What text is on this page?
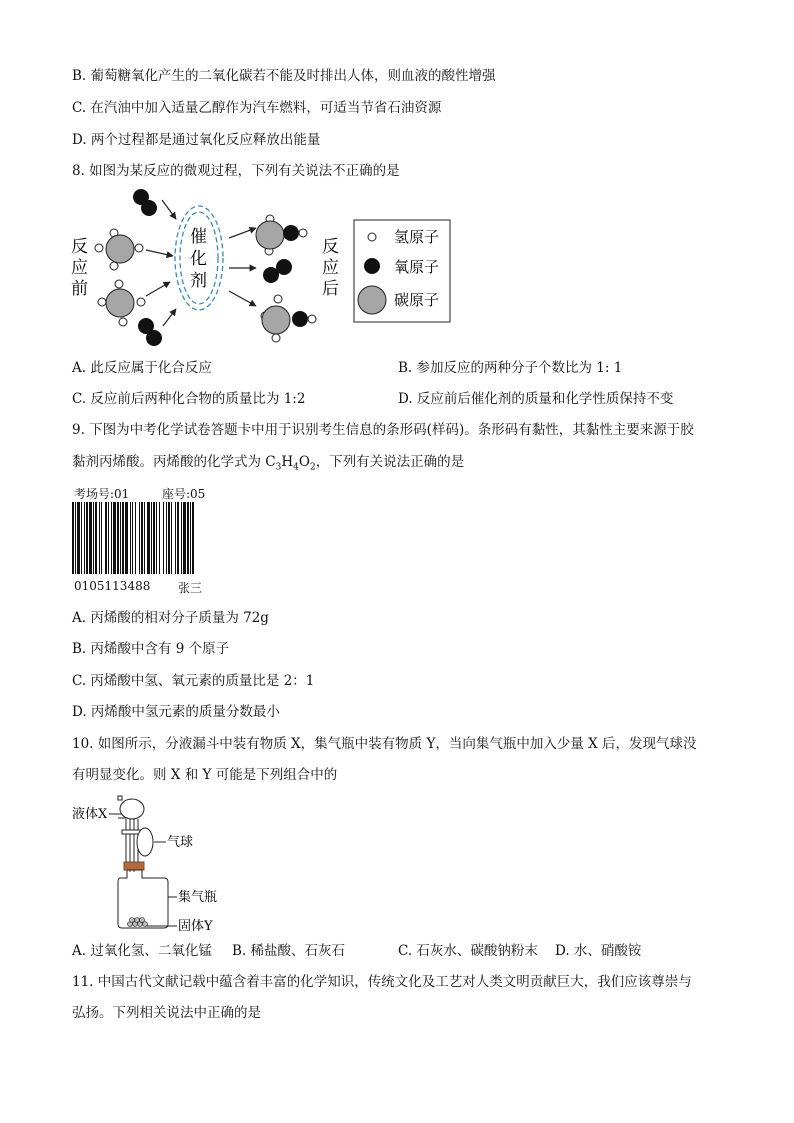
B. 葡萄糖氧化产生的二氧化碳若不能及时排出人体，则血液的酸性增强
C. 在汽油中加入适量乙醇作为汽车燃料，可适当节省石油资源
D. 两个过程都是通过氧化反应释放出能量
8. 如图为某反应的微观过程，下列有关说法不正确的是
反
应
前
催
化
剂
反
应
后
氢原子
氧原子
碳原子
A. 此反应属于化合反应	B. 参加反应的两种分子个数比为 1: 1
C. 反应前后两种化合物的质量比为 1:2	D. 反应前后催化剂的质量和化学性质保持不变
9. 下图为中考化学试卷答题卡中用于识别考生信息的条形码(样码)。条形码有黏性，其黏性主要来源于胶
黏剂丙烯酸。丙烯酸的化学式为 $C_3H_4O_2$，下列有关说法正确的是
考场号:01	座号:05
0105113488 张三
A. 丙烯酸的相对分子质量为 72g
B. 丙烯酸中含有 9 个原子
C. 丙烯酸中氢、氧元素的质量比是 2：1
D. 丙烯酸中氢元素的质量分数最小
10. 如图所示，分液漏斗中装有物质 X，集气瓶中装有物质 Y，当向集气瓶中加入少量 X 后，发现气球没
有明显变化。则 X 和 Y 可能是下列组合中的
液体X
气球
集气瓶
固体Y
A. 过氧化氢、二氧化锰 B. 稀盐酸、石灰石	C. 石灰水、碳酸钠粉末 D. 水、硝酸铵
11. 中国古代文献记载中蕴含着丰富的化学知识，传统文化及工艺对人类文明贡献巨大，我们应该尊崇与
弘扬。下列相关说法中正确的是
